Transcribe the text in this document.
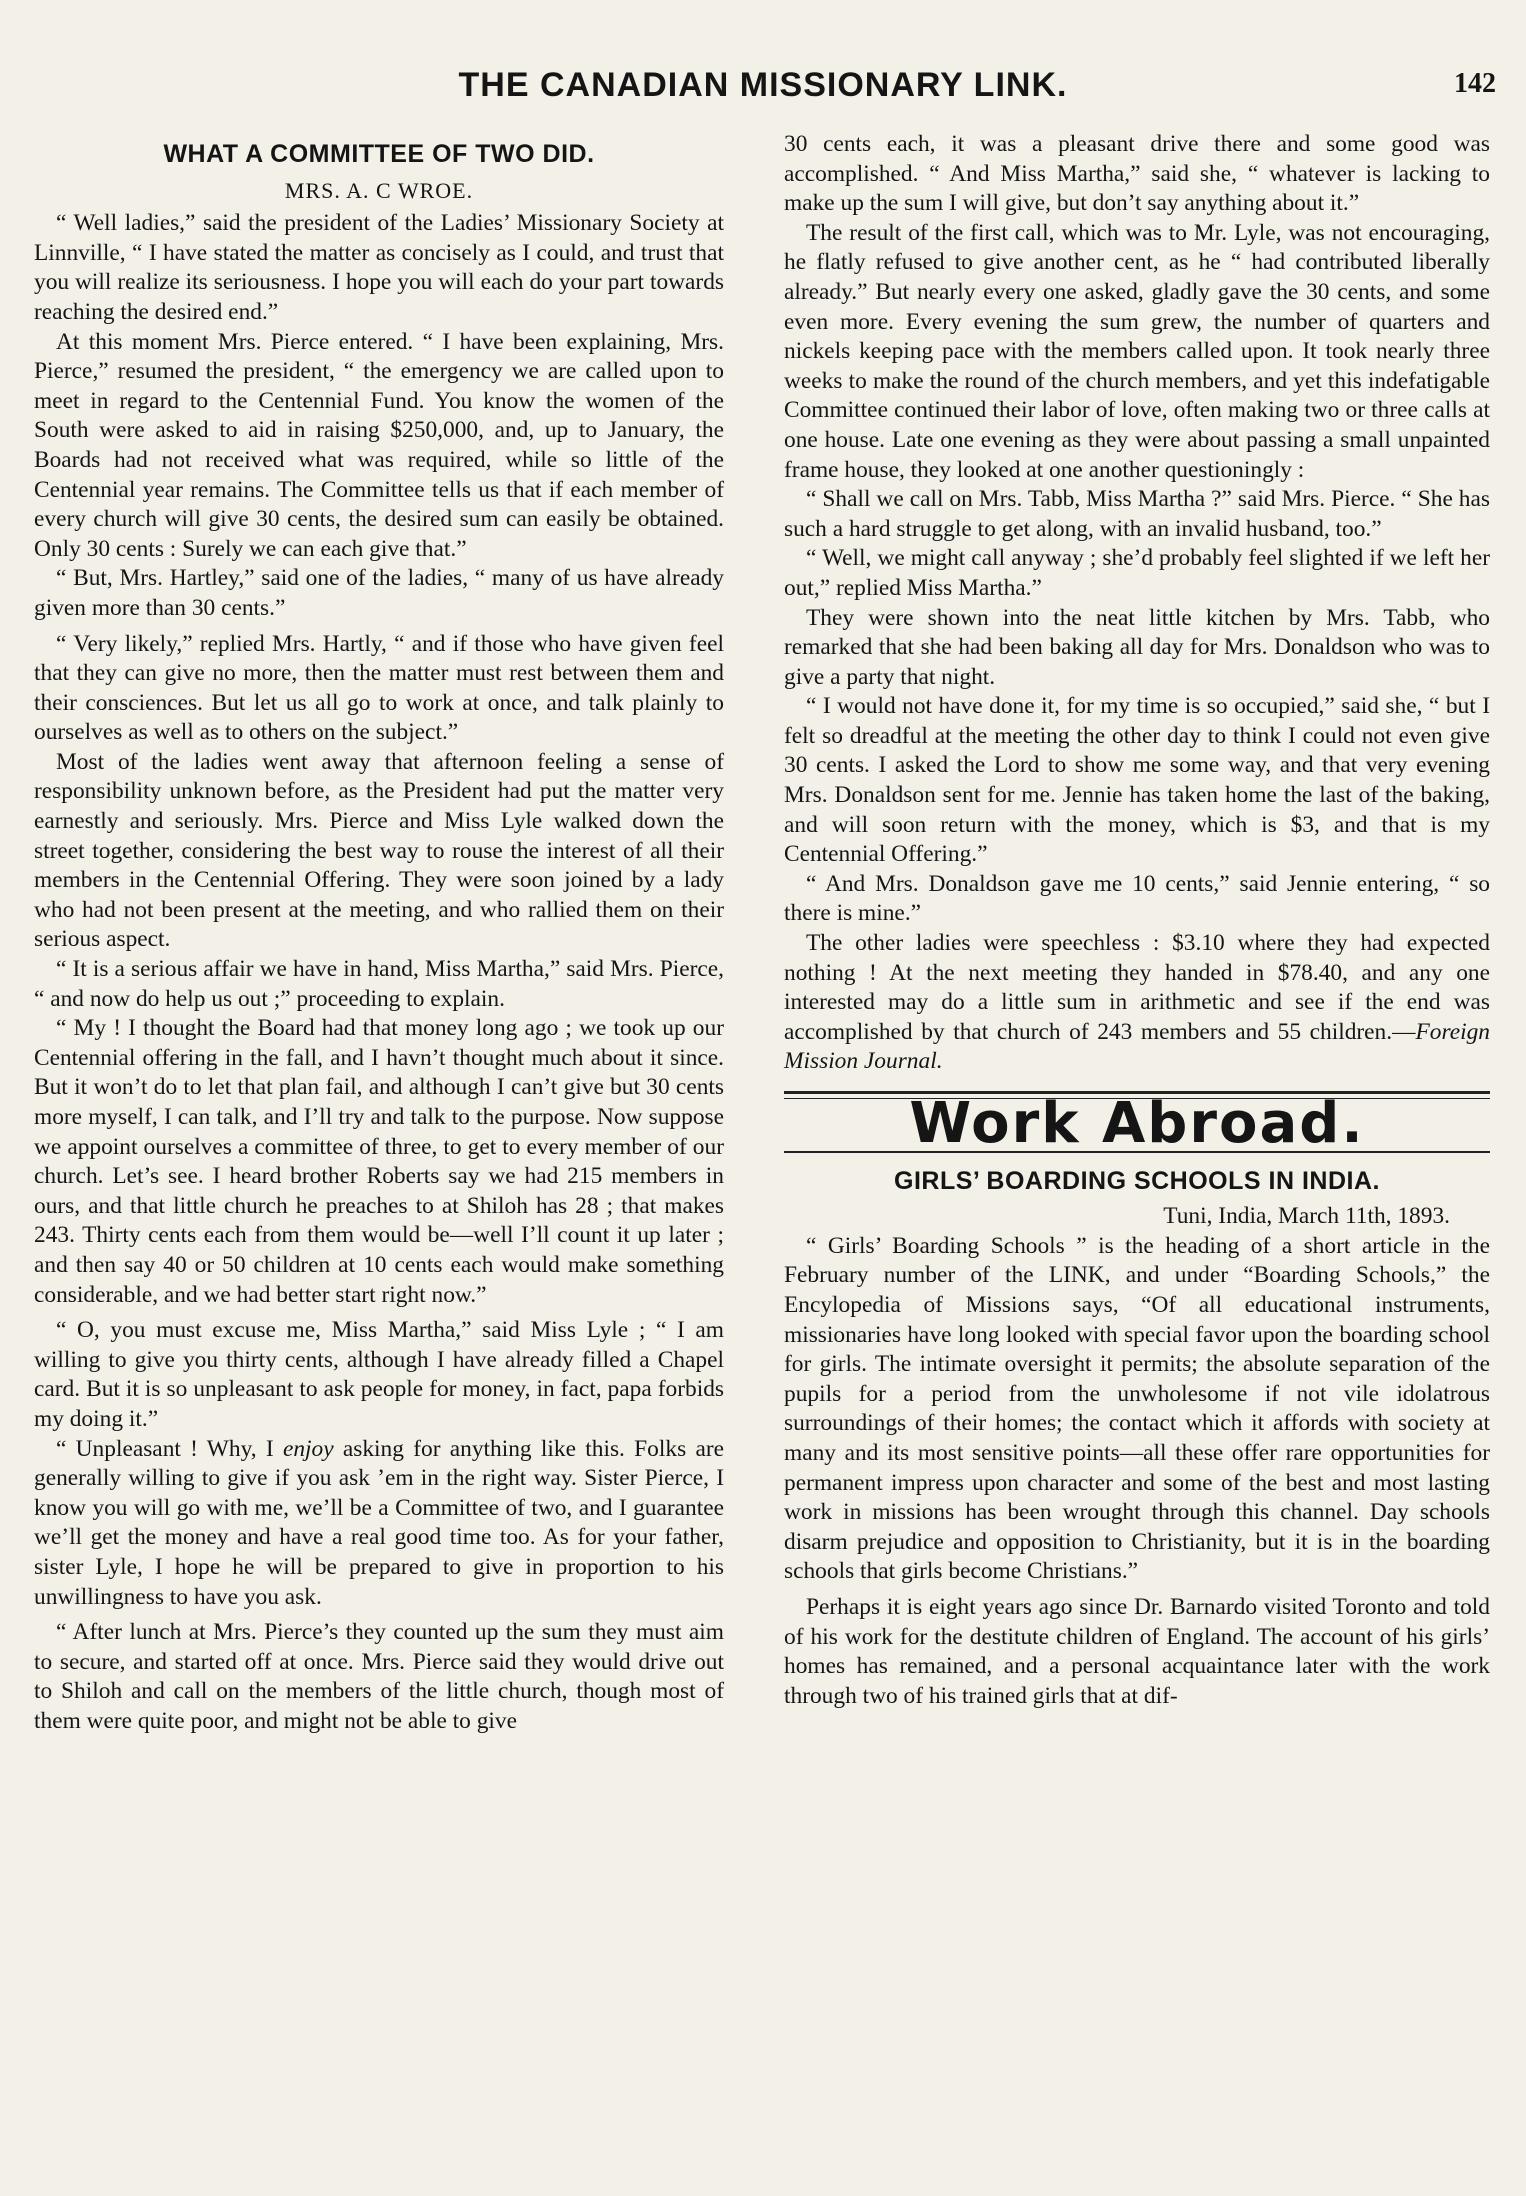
THE CANADIAN MISSIONARY LINK.	142
WHAT A COMMITTEE OF TWO DID.
MRS. A. C WROE.

“ Well ladies,” said the president of the Ladies’ Missionary Society at Linnville, “ I have stated the matter as concisely as I could, and trust that you will realize its seriousness. I hope you will each do your part towards reaching the desired end.”

At this moment Mrs. Pierce entered. “ I have been explaining, Mrs. Pierce,” resumed the president, “ the emergency we are called upon to meet in regard to the Centennial Fund. You know the women of the South were asked to aid in raising $250,000, and, up to January, the Boards had not received what was required, while so little of the Centennial year remains. The Committee tells us that if each member of every church will give 30 cents, the desired sum can easily be obtained. Only 30 cents : Surely we can each give that.”

“ But, Mrs. Hartley,” said one of the ladies, “ many of us have already given more than 30 cents.”

“ Very likely,” replied Mrs. Hartly, “ and if those who have given feel that they can give no more, then the matter must rest between them and their consciences. But let us all go to work at once, and talk plainly to ourselves as well as to others on the subject.”

Most of the ladies went away that afternoon feeling a sense of responsibility unknown before, as the President had put the matter very earnestly and seriously. Mrs. Pierce and Miss Lyle walked down the street together, considering the best way to rouse the interest of all their members in the Centennial Offering. They were soon joined by a lady who had not been present at the meeting, and who rallied them on their serious aspect.

“ It is a serious affair we have in hand, Miss Martha,” said Mrs. Pierce, “ and now do help us out ;” proceeding to explain.

“ My ! I thought the Board had that money long ago ; we took up our Centennial offering in the fall, and I havn’t thought much about it since. But it won’t do to let that plan fail, and although I can’t give but 30 cents more myself, I can talk, and I’ll try and talk to the purpose. Now suppose we appoint ourselves a committee of three, to get to every member of our church. Let’s see. I heard brother Roberts say we had 215 members in ours, and that little church he preaches to at Shiloh has 28 ; that makes 243. Thirty cents each from them would be—well I’ll count it up later ; and then say 40 or 50 children at 10 cents each would make something considerable, and we had better start right now.”

“ O, you must excuse me, Miss Martha,” said Miss Lyle ; “ I am willing to give you thirty cents, although I have already filled a Chapel card. But it is so unpleasant to ask people for money, in fact, papa forbids my doing it.”

“ Unpleasant ! Why, I enjoy asking for anything like this. Folks are generally willing to give if you ask ’em in the right way. Sister Pierce, I know you will go with me, we’ll be a Committee of two, and I guarantee we’ll get the money and have a real good time too. As for your father, sister Lyle, I hope he will be prepared to give in proportion to his unwillingness to have you ask.

“ After lunch at Mrs. Pierce’s they counted up the sum they must aim to secure, and started off at once. Mrs. Pierce said they would drive out to Shiloh and call on the members of the little church, though most of them were quite poor, and might not be able to give

30 cents each, it was a pleasant drive there and some good was accomplished. “ And Miss Martha,” said she, “ whatever is lacking to make up the sum I will give, but don’t say anything about it.”

The result of the first call, which was to Mr. Lyle, was not encouraging, he flatly refused to give another cent, as he “ had contributed liberally already.” But nearly every one asked, gladly gave the 30 cents, and some even more. Every evening the sum grew, the number of quarters and nickels keeping pace with the members called upon. It took nearly three weeks to make the round of the church members, and yet this indefatigable Committee continued their labor of love, often making two or three calls at one house. Late one evening as they were about passing a small unpainted frame house, they looked at one another questioningly :

“ Shall we call on Mrs. Tabb, Miss Martha ?” said Mrs. Pierce. “ She has such a hard struggle to get along, with an invalid husband, too.”

“ Well, we might call anyway ; she’d probably feel slighted if we left her out,” replied Miss Martha.”

They were shown into the neat little kitchen by Mrs. Tabb, who remarked that she had been baking all day for Mrs. Donaldson who was to give a party that night.

“ I would not have done it, for my time is so occupied,” said she, “ but I felt so dreadful at the meeting the other day to think I could not even give 30 cents. I asked the Lord to show me some way, and that very evening Mrs. Donaldson sent for me. Jennie has taken home the last of the baking, and will soon return with the money, which is $3, and that is my Centennial Offering.”

“ And Mrs. Donaldson gave me 10 cents,” said Jennie entering, “ so there is mine.”

The other ladies were speechless : $3.10 where they had expected nothing ! At the next meeting they handed in $78.40, and any one interested may do a little sum in arithmetic and see if the end was accomplished by that church of 243 members and 55 children.—Foreign Mission Journal.

Work Abroad.
GIRLS’ BOARDING SCHOOLS IN INDIA.

Tuni, India, March 11th, 1893.

“ Girls’ Boarding Schools ” is the heading of a short article in the February number of the LINK, and under “Boarding Schools,” the Encylopedia of Missions says, “Of all educational instruments, missionaries have long looked with special favor upon the boarding school for girls. The intimate oversight it permits; the absolute separation of the pupils for a period from the unwholesome if not vile idolatrous surroundings of their homes; the contact which it affords with society at many and its most sensitive points—all these offer rare opportunities for permanent impress upon character and some of the best and most lasting work in missions has been wrought through this channel. Day schools disarm prejudice and opposition to Christianity, but it is in the boarding schools that girls become Christians.”

Perhaps it is eight years ago since Dr. Barnardo visited Toronto and told of his work for the destitute children of England. The account of his girls’ homes has remained, and a personal acquaintance later with the work through two of his trained girls that at dif-
